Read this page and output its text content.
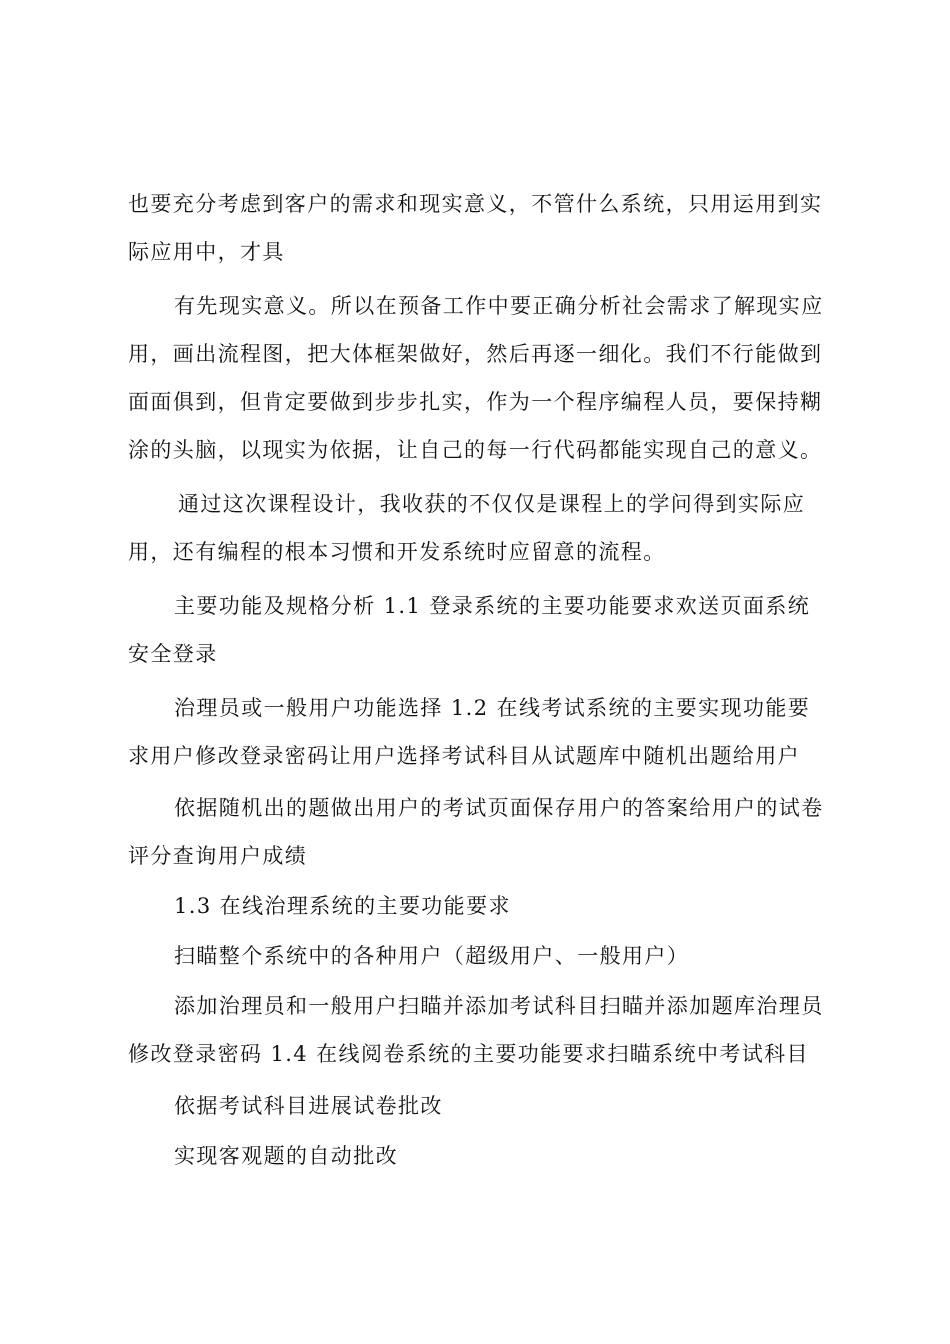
也要充分考虑到客户的需求和现实意义，不管什么系统，只用运用到实际应用中，才具

有先现实意义。所以在预备工作中要正确分析社会需求了解现实应用，画出流程图，把大体框架做好，然后再逐一细化。我们不行能做到面面俱到，但肯定要做到步步扎实，作为一个程序编程人员，要保持糊涂的头脑，以现实为依据，让自己的每一行代码都能实现自己的意义。

通过这次课程设计，我收获的不仅仅是课程上的学问得到实际应用，还有编程的根本习惯和开发系统时应留意的流程。

主要功能及规格分析 1.1 登录系统的主要功能要求欢送页面系统安全登录

治理员或一般用户功能选择 1.2 在线考试系统的主要实现功能要求用户修改登录密码让用户选择考试科目从试题库中随机出题给用户

依据随机出的题做出用户的考试页面保存用户的答案给用户的试卷评分查询用户成绩

1.3 在线治理系统的主要功能要求

扫瞄整个系统中的各种用户（超级用户、一般用户）

添加治理员和一般用户扫瞄并添加考试科目扫瞄并添加题库治理员修改登录密码 1.4 在线阅卷系统的主要功能要求扫瞄系统中考试科目

依据考试科目进展试卷批改

实现客观题的自动批改
